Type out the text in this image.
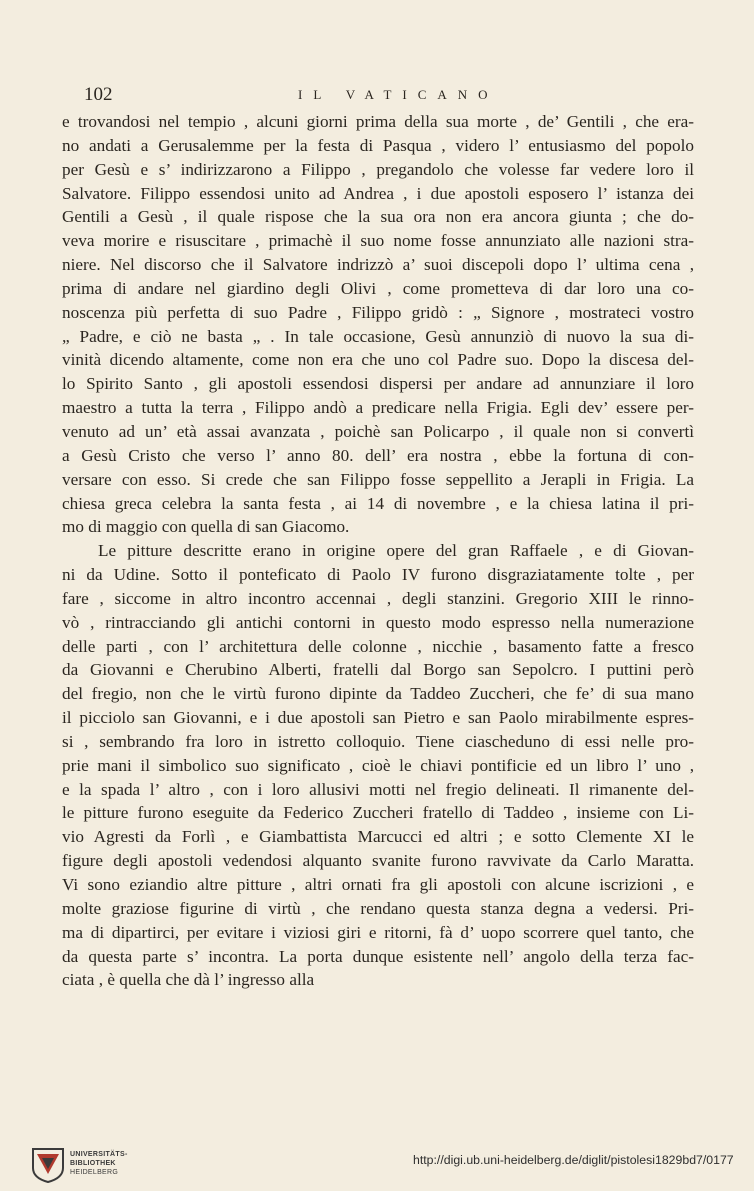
102	IL VATICANO
e trovandosi nel tempio , alcuni giorni prima della sua morte , de’ Gentili , che era-
no andati a Gerusalemme per la festa di Pasqua , videro l’ entusiasmo del popolo
per Gesù e s’ indirizzarono a Filippo , pregandolo che volesse far vedere loro il
Salvatore. Filippo essendosi unito ad Andrea , i due apostoli esposero l’ istanza dei
Gentili a Gesù , il quale rispose che la sua ora non era ancora giunta ; che do-
veva morire e risuscitare , primachè il suo nome fosse annunziato alle nazioni stra-
niere. Nel discorso che il Salvatore indrizzò a’ suoi discepoli dopo l’ ultima cena ,
prima di andare nel giardino degli Olivi , come prometteva di dar loro una co-
noscenza più perfetta di suo Padre , Filippo gridò : „ Signore , mostrateci vostro
„ Padre, e ciò ne basta „ . In tale occasione, Gesù annunziò di nuovo la sua di-
vinità dicendo altamente, come non era che uno col Padre suo. Dopo la discesa del-
lo Spirito Santo , gli apostoli essendosi dispersi per andare ad annunziare il loro
maestro a tutta la terra , Filippo andò a predicare nella Frigia. Egli dev’ essere per-
venuto ad un’ età assai avanzata , poichè san Policarpo , il quale non si convertì
a Gesù Cristo che verso l’ anno 80. dell’ era nostra , ebbe la fortuna di con-
versare con esso. Si crede che san Filippo fosse seppellito a Jerapli in Frigia. La
chiesa greca celebra la santa festa , ai 14 di novembre , e la chiesa latina il pri-
mo di maggio con quella di san Giacomo.
Le pitture descritte erano in origine opere del gran Raffaele , e di Giovan-
ni da Udine. Sotto il ponteficato di Paolo IV furono disgraziatamente tolte , per
fare , siccome in altro incontro accennai , degli stanzini. Gregorio XIII le rinno-
vò , rintracciando gli antichi contorni in questo modo espresso nella numerazione
delle parti , con l’ architettura delle colonne , nicchie , basamento fatte a fresco
da Giovanni e Cherubino Alberti, fratelli dal Borgo san Sepolcro. I puttini però
del fregio, non che le virtù furono dipinte da Taddeo Zuccheri, che fe’ di sua mano
il picciolo san Giovanni, e i due apostoli san Pietro e san Paolo mirabilmente espres-
si , sembrando fra loro in istretto colloquio. Tiene ciascheduno di essi nelle pro-
prie mani il simbolico suo significato , cioè le chiavi pontificie ed un libro l’ uno ,
e la spada l’ altro , con i loro allusivi motti nel fregio delineati. Il rimanente del-
le pitture furono eseguite da Federico Zuccheri fratello di Taddeo , insieme con Li-
vio Agresti da Forlì , e Giambattista Marcucci ed altri ; e sotto Clemente XI le
figure degli apostoli vedendosi alquanto svanite furono ravvivate da Carlo Maratta.
Vi sono eziandio altre pitture , altri ornati fra gli apostoli con alcune iscrizioni , e
molte graziose figurine di virtù , che rendano questa stanza degna a vedersi. Pri-
ma di dipartirci, per evitare i viziosi giri e ritorni, fà d’ uopo scorrere quel tanto, che
da questa parte s’ incontra. La porta dunque esistente nell’ angolo della terza fac-
ciata , è quella che dà l’ ingresso alla
UNIVERSITÄTS-
BIBLIOTHEK
HEIDELBERG
http://digi.ub.uni-heidelberg.de/diglit/pistolesi1829bd7/0177
